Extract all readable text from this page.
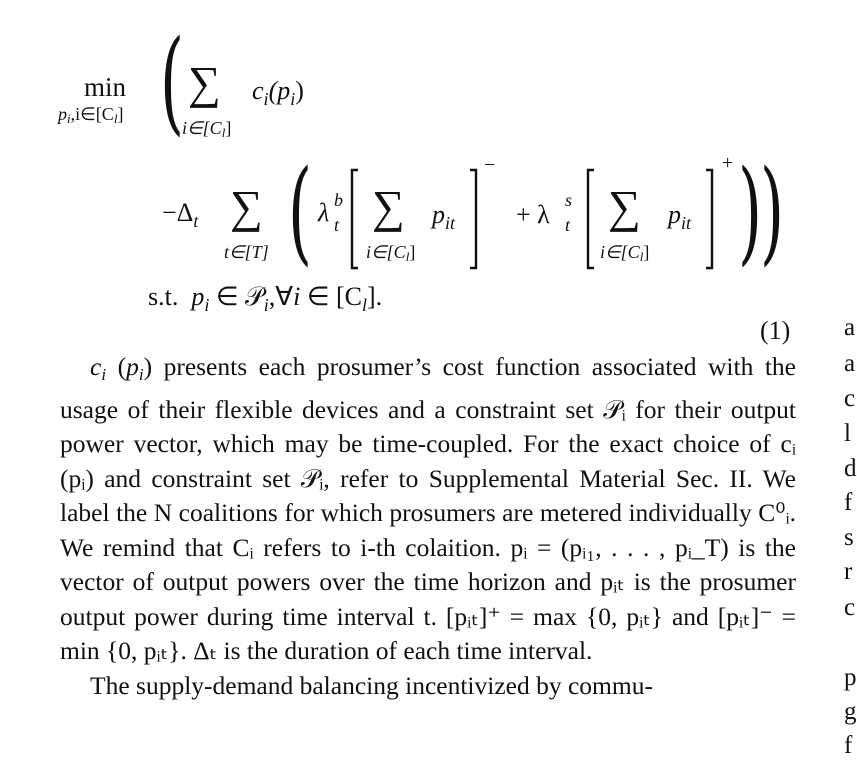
min
pi,i∈[Cl] ( ∑
i∈[Cl]
$c_i(p_i)$
$-\Delta_t$ ∑
t∈[T] ( λ b
t ∑
i∈[Cl]
$p_{it}$
−
+ λ s
t ∑
i∈[Cl]
$p_{it}$
+ )
)
s.t. $p_i$ ∈ 𝒫$_i$,∀i ∈ $[C_l]$.
(1)

ci (pi) presents each prosumer’s cost function associated with the usage of their flexible devices and a constraint set 𝒫ᵢ for their output power vector, which may be time-coupled. For the exact choice of cᵢ (pᵢ) and constraint set 𝒫ᵢ, refer to Supplemental Material Sec. II. We label the N coalitions for which prosumers are metered individually C⁰ᵢ. We remind that Cᵢ refers to i-th colaition. pᵢ = (pᵢ₁, . . . , pᵢ_T) is the vector of output powers over the time horizon and pᵢₜ is the prosumer output power during time interval t. [pᵢₜ]⁺ = max {0, pᵢₜ} and [pᵢₜ]⁻ = min {0, pᵢₜ}. Δₜ is the duration of each time interval.

The supply-demand balancing incentivized by commu-

a
a
c
l
d
f
s
r
c
p
g
f
